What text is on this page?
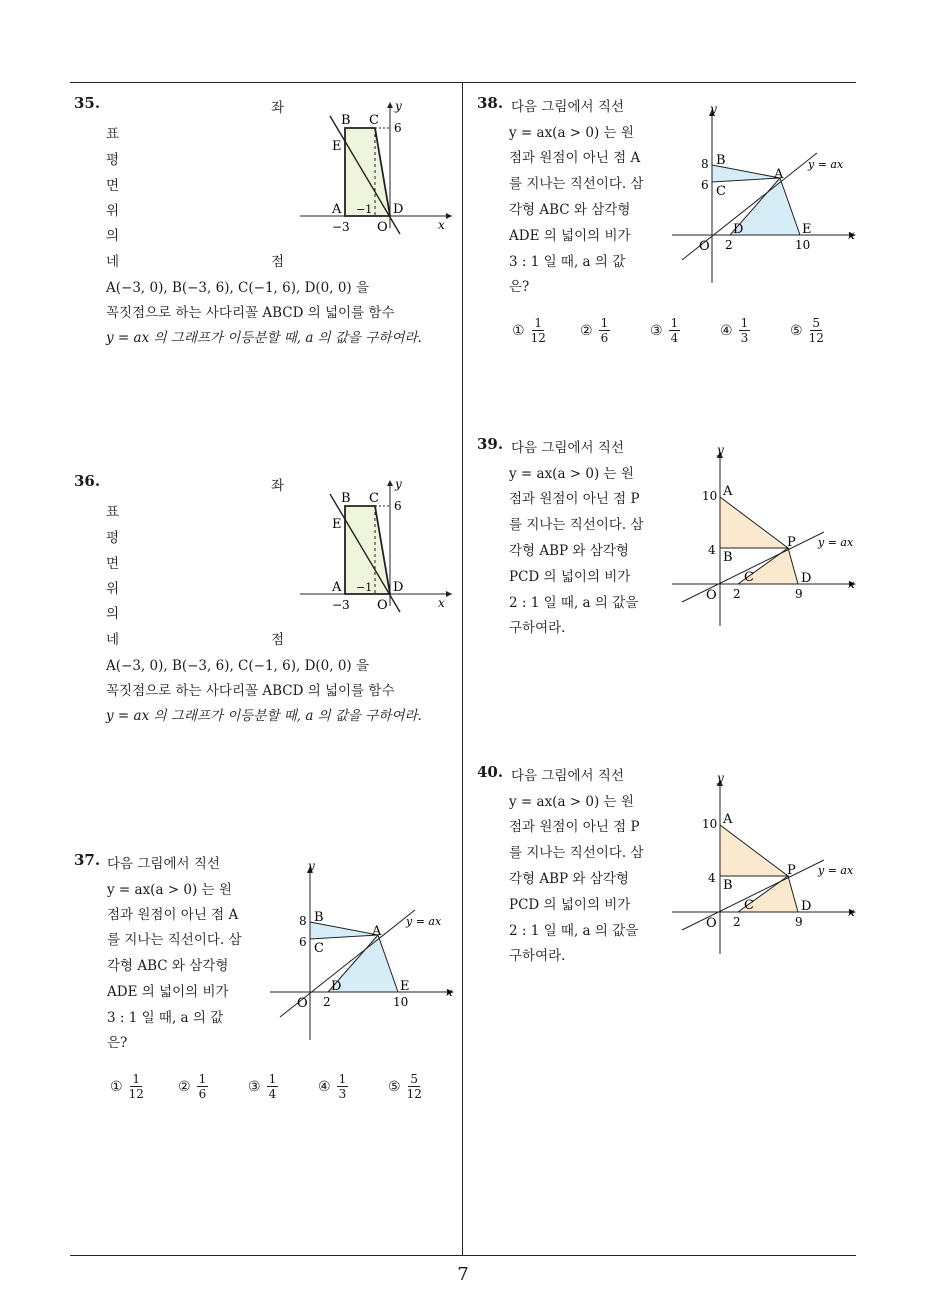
35.	좌
표
평
면
위
의
네	점
A(−3, 0), B(−3, 6), C(−1, 6), D(0, 0) 을
꼭짓점으로 하는 사다리꼴 ABCD 의 넓이를 함수
y = ax 의 그래프가 이등분할 때, a 의 값을 구하여라.
y
x
B C 6
E
A −1 D
−3 O
36.	좌
표
평
면
위
의
네	점
A(−3, 0), B(−3, 6), C(−1, 6), D(0, 0) 을
꼭짓점으로 하는 사다리꼴 ABCD 의 넓이를 함수
y = ax 의 그래프가 이등분할 때, a 의 값을 구하여라.
y
x
B C 6
E
A −1 D
−3 O
37. 다음 그림에서 직선
y = ax(a > 0) 는 원
점과 원점이 아닌 점 A
를 지나는 직선이다. 삼
각형 ABC 와 삼각형
ADE 의 넓이의 비가
3 : 1 일 때, a 의 값
은?
y
x
8 B
6 C
A
y = ax
O 2
D
10
E
① $\frac{1}{12}$ ② $\frac{1}{6}$	③ $\frac{1}{4}$	④ $\frac{1}{3}$	⑤ $\frac{5}{12}$
38. 다음 그림에서 직선
y = ax(a > 0) 는 원
점과 원점이 아닌 점 A
를 지나는 직선이다. 삼
각형 ABC 와 삼각형
ADE 의 넓이의 비가
3 : 1 일 때, a 의 값
은?
y
x
8 B
6 C
A
y = ax
O 2
D
10
E
① $\frac{1}{12}$ ② $\frac{1}{6}$	③ $\frac{1}{4}$	④ $\frac{1}{3}$	⑤ $\frac{5}{12}$
39. 다음 그림에서 직선
y = ax(a > 0) 는 원
점과 원점이 아닌 점 P
를 지나는 직선이다. 삼
각형 ABP 와 삼각형
PCD 의 넓이의 비가
2 : 1 일 때, a 의 값을
구하여라.
y
x
10 A
4 B
P y = ax
O 2
C
9
D
40. 다음 그림에서 직선
y = ax(a > 0) 는 원
점과 원점이 아닌 점 P
를 지나는 직선이다. 삼
각형 ABP 와 삼각형
PCD 의 넓이의 비가
2 : 1 일 때, a 의 값을
구하여라.
y
x
10 A
4 B
P y = ax
O 2
C
9
D
7
